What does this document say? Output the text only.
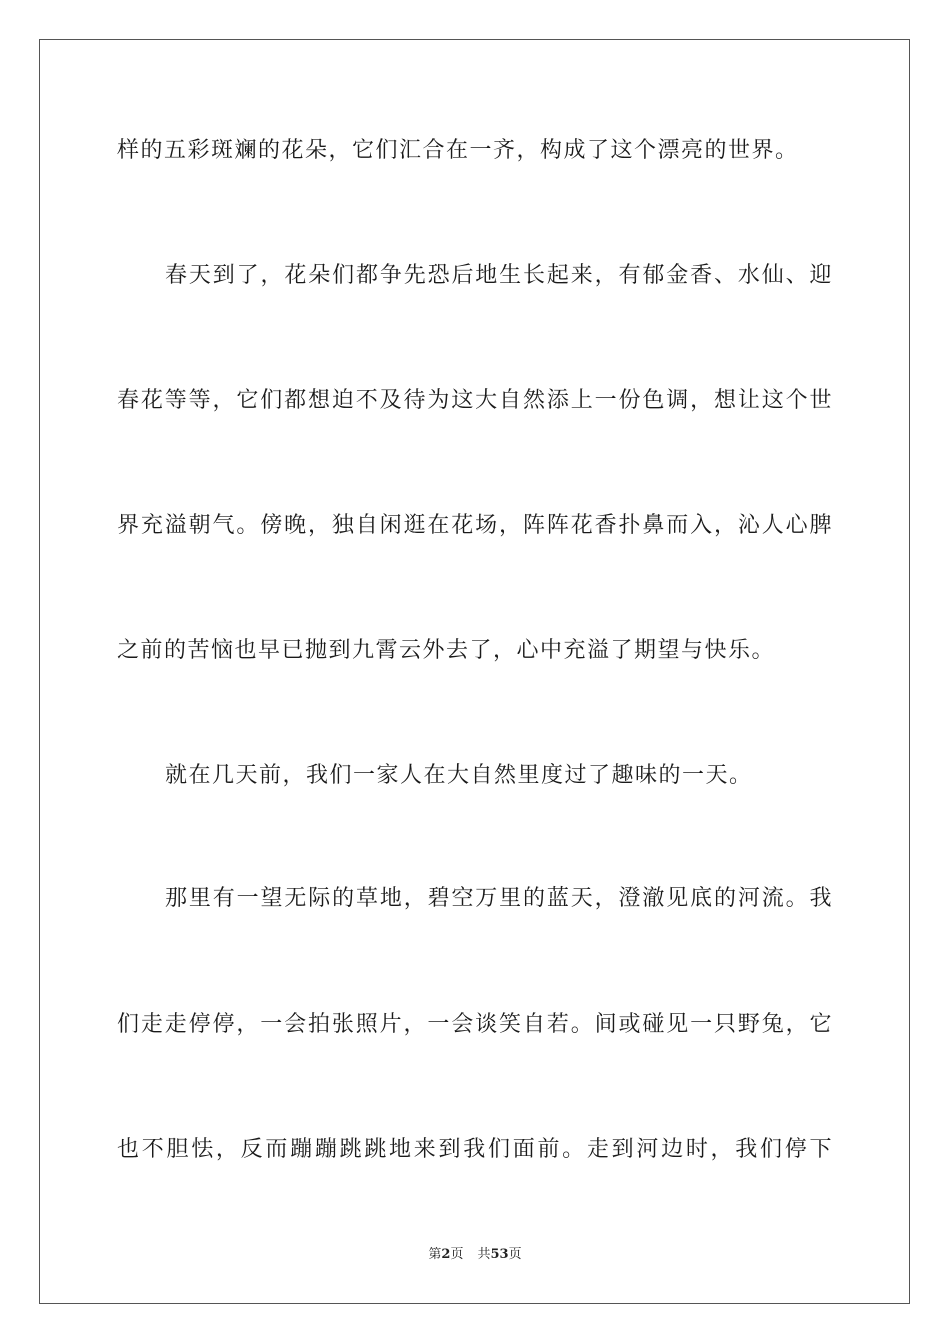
样的五彩斑斓的花朵，它们汇合在一齐，构成了这个漂亮的世界。
春天到了，花朵们都争先恐后地生长起来，有郁金香、水仙、迎
春花等等，它们都想迫不及待为这大自然添上一份色调，想让这个世
界充溢朝气。傍晚，独自闲逛在花场，阵阵花香扑鼻而入，沁人心脾
之前的苦恼也早已抛到九霄云外去了，心中充溢了期望与快乐。
就在几天前，我们一家人在大自然里度过了趣味的一天。
那里有一望无际的草地，碧空万里的蓝天，澄澈见底的河流。我
们走走停停，一会拍张照片，一会谈笑自若。间或碰见一只野兔，它
也不胆怯，反而蹦蹦跳跳地来到我们面前。走到河边时，我们停下
第2页 共53页
